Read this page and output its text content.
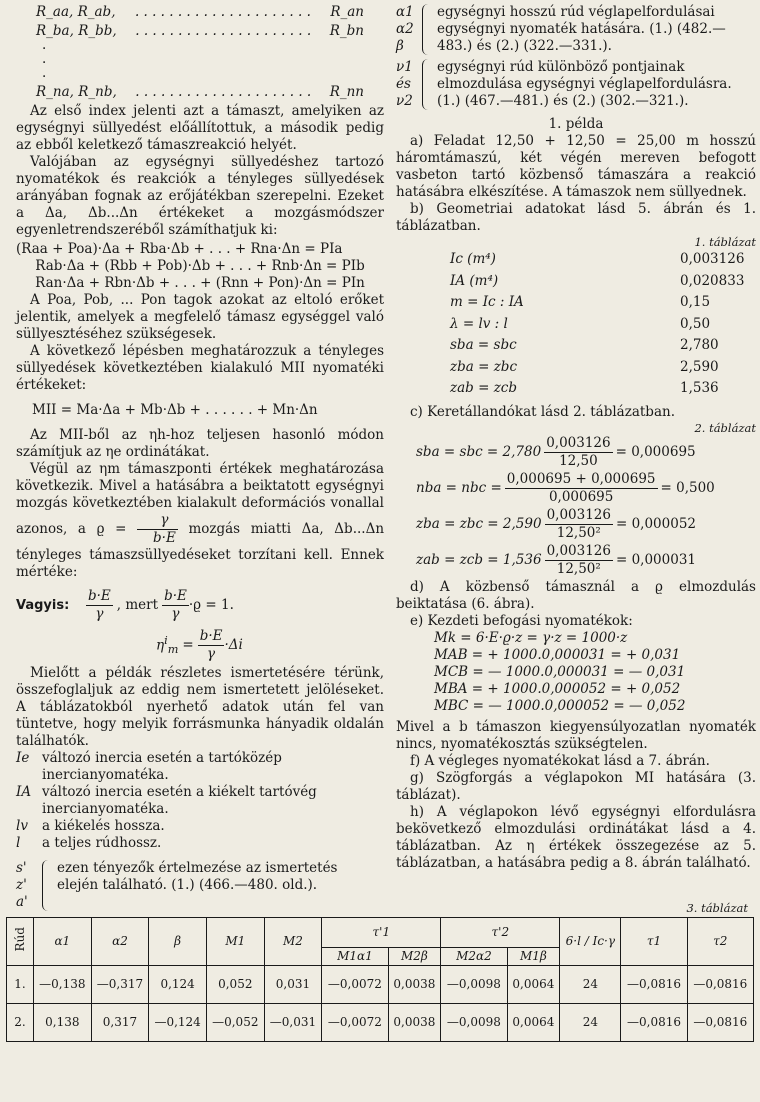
R_aa, R_ab, . . . . . . . . . . . . . . . . . . . . . R_an
R_ba, R_bb, . . . . . . . . . . . . . . . . . . . . . R_bn
·
·
·
R_na, R_nb, . . . . . . . . . . . . . . . . . . . . . R_nn

Az első index jelenti azt a támaszt, amelyiken az egységnyi süllyedést előállítottuk, a második pedig az ebből keletkező támaszreakció helyét.

Valójában az egységnyi süllyedéshez tartozó nyomatékok és reakciók a tényleges süllyedések arányában fognak az erőjátékban szerepelni. Ezeket a Δa, Δb...Δn értékeket a mozgásmódszer egyenletrendszeréből számíthatjuk ki:

(Raa + Poa)·Δa + Rba·Δb + . . . + Rna·Δn = PIa
Rab·Δa + (Rbb + Pob)·Δb + . . . + Rnb·Δn = PIb
Ran·Δa + Rbn·Δb + . . . + (Rnn + Pon)·Δn = PIn

A Poa, Pob, ... Pon tagok azokat az eltoló erőket jelentik, amelyek a megfelelő támasz egységgel való süllyesztéséhez szükségesek.

A következő lépésben meghatározzuk a tényleges süllyedések következtében kialakuló MII nyomatéki értékeket:

MII = Ma·Δa + Mb·Δb + . . . . . . + Mn·Δn

Az MII-ből az ηh-hoz teljesen hasonló módon számítjuk az ηe ordinátákat.

Végül az ηm támaszponti értékek meghatározása következik. Mivel a hatásábra a beiktatott egységnyi mozgás következtében kialakult deformációs vonallal azonos, a $ϱ = \frac{\gamma}{b\cdot E}$ mozgás miatti Δa, Δb...Δn tényleges támaszsüllyedéseket torzítani kell. Ennek mértéke:

Vagyis:	$\frac{b\cdot E}{\gamma}$ , mert $\frac{b\cdot E}{\gamma} \cdot ϱ = 1$.
$\eta^i_m = \frac{b\cdot E}{\gamma} \cdot\Delta i$

Mielőtt a példák részletes ismertetésére térünk, összefoglaljuk az eddig nem ismertetett jelöléseket. A táblázatokból nyerhető adatok után fel van tüntetve, hogy melyik forrásmunka hányadik oldalán találhatók.

Ie változó inercia esetén a tartóközép inercianyomatéka.
IA változó inercia esetén a kiékelt tartóvég inercianyomatéka.
lv	a kiékelés hossza.
l	a teljes rúdhossz.
s'
z'
a'
ezen tényezők értelmezése az ismertetés elején található. (1.) (466.—480. old.).
α1
α2
β
egységnyi hosszú rúd véglapelfordulásai egységnyi nyomaték hatására. (1.) (482.—483.) és (2.) (322.—331.).
ν1
és
ν2
egységnyi rúd különböző pontjainak elmozdulása egységnyi véglapelfordulásra. (1.) (467.—481.) és (2.) (302.—321.).
1. példa

a) Feladat 12,50 + 12,50 = 25,00 m hosszú háromtámaszú, két végén mereven befogott vasbeton tartó közbenső támaszára a reakció hatásábra elkészítése. A támaszok nem süllyednek.

b) Geometriai adatokat lásd 5. ábrán és 1. táblázatban.

1. táblázat
Ic (m⁴)	0,003126
IA (m⁴)	0,020833
m = Ic : IA	0,15
λ = lv : l	0,50
sba = sbc	2,780
zba = zbc	2,590
zab = zcb	1,536

c) Keretállandókat lásd 2. táblázatban.

2. táblázat
sba = sbc = $2,780 \frac{0,003126}{12,50} = 0,000695$
nba = nbc = $\frac{0,000695 + 0,000695}{0,000695} = 0,500$
zba = zbc = $2,590 \frac{0,003126}{\text{12,50²}} = 0,000052$
zab = zcb = $1,536 \frac{0,003126}{\text{12,50²}} = 0,000031$

d) A közbenső támasznál a ϱ elmozdulás beiktatása (6. ábra).

e) Kezdeti befogási nyomatékok:

Mk = 6·E·ϱ·z = γ·z = 1000·z
MAB = + 1000.0,000031 = + 0,031
MCB = — 1000.0,000031 = — 0,031
MBA = + 1000.0,000052 = + 0,052
MBC = — 1000.0,000052 = — 0,052

Mivel a b támaszon kiegyensúlyozatlan nyomaték nincs, nyomatékosztás szükségtelen.

f) A végleges nyomatékokat lásd a 7. ábrán.

g) Szögforgás a véglapokon MI hatására (3. táblázat).

h) A véglapokon lévő egységnyi elfordulásra bekövetkező elmozdulási ordinátákat lásd a 4. táblázatban. Az η értékek összegezése az 5. táblázatban, a hatásábra pedig a 8. ábrán található.

3. táblázat
Rúd	α1	α2	β	M1	M2	τ'1		τ'2		6·l / Ic·γ	τ1	τ2
						M1α1	M2β	M2α2	M1β			
1.	—0,138	—0,317	0,124	0,052	0,031	—0,0072	0,0038	—0,0098	0,0064	24	—0,0816	—0,0816
2.	0,138	0,317	—0,124	—0,052	—0,031	—0,0072	0,0038	—0,0098	0,0064	24	—0,0816	—0,0816
